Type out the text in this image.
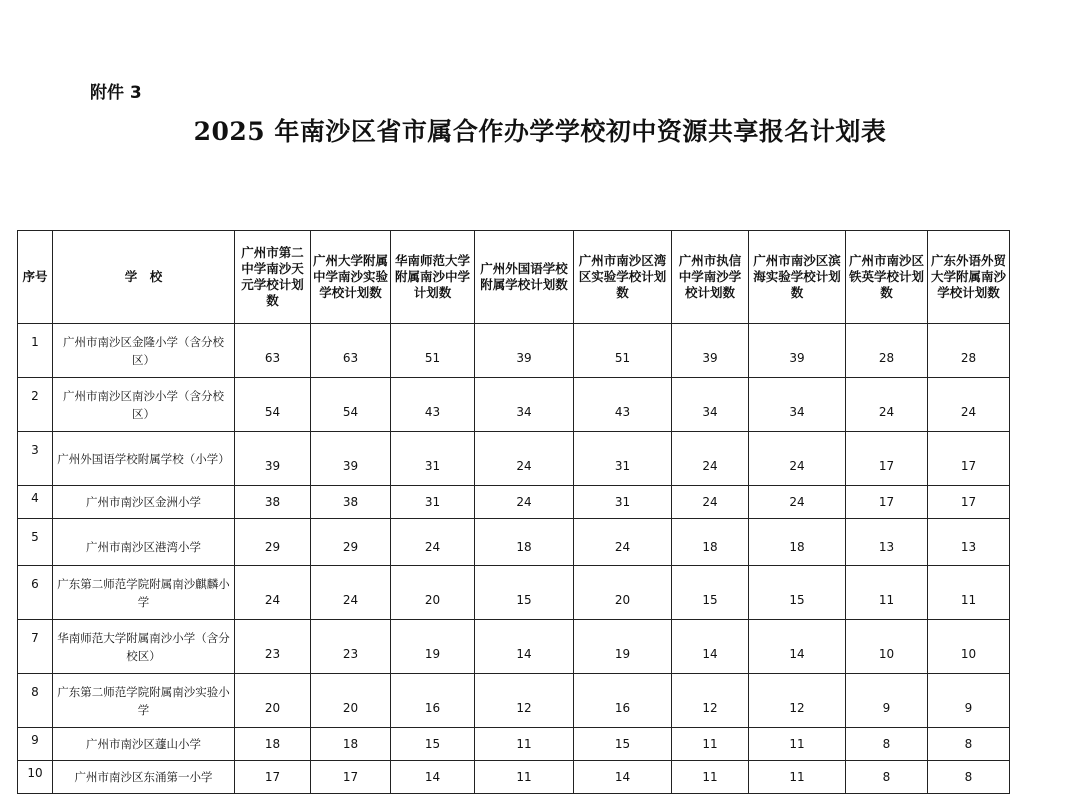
附件 3
2025 年南沙区省市属合作办学学校初中资源共享报名计划表
序号	学　校	广州市第二中学南沙天元学校计划数	广州大学附属中学南沙实验学校计划数	华南师范大学附属南沙中学计划数	广州外国语学校附属学校计划数	广州市南沙区湾区实验学校计划数	广州市执信中学南沙学校计划数	广州市南沙区滨海实验学校计划数	广州市南沙区铁英学校计划数	广东外语外贸大学附属南沙学校计划数
1	广州市南沙区金隆小学（含分校区）	63	63	51	39	51	39	39	28	28
2	广州市南沙区南沙小学（含分校区）	54	54	43	34	43	34	34	24	24
3	广州外国语学校附属学校（小学）	39	39	31	24	31	24	24	17	17
4	广州市南沙区金洲小学	38	38	31	24	31	24	24	17	17
5	广州市南沙区港湾小学	29	29	24	18	24	18	18	13	13
6	广东第二师范学院附属南沙麒麟小学	24	24	20	15	20	15	15	11	11
7	华南师范大学附属南沙小学（含分校区）	23	23	19	14	19	14	14	10	10
8	广东第二师范学院附属南沙实验小学	20	20	16	12	16	12	12	9	9
9	广州市南沙区蘧山小学	18	18	15	11	15	11	11	8	8
10	广州市南沙区东涌第一小学	17	17	14	11	14	11	11	8	8
